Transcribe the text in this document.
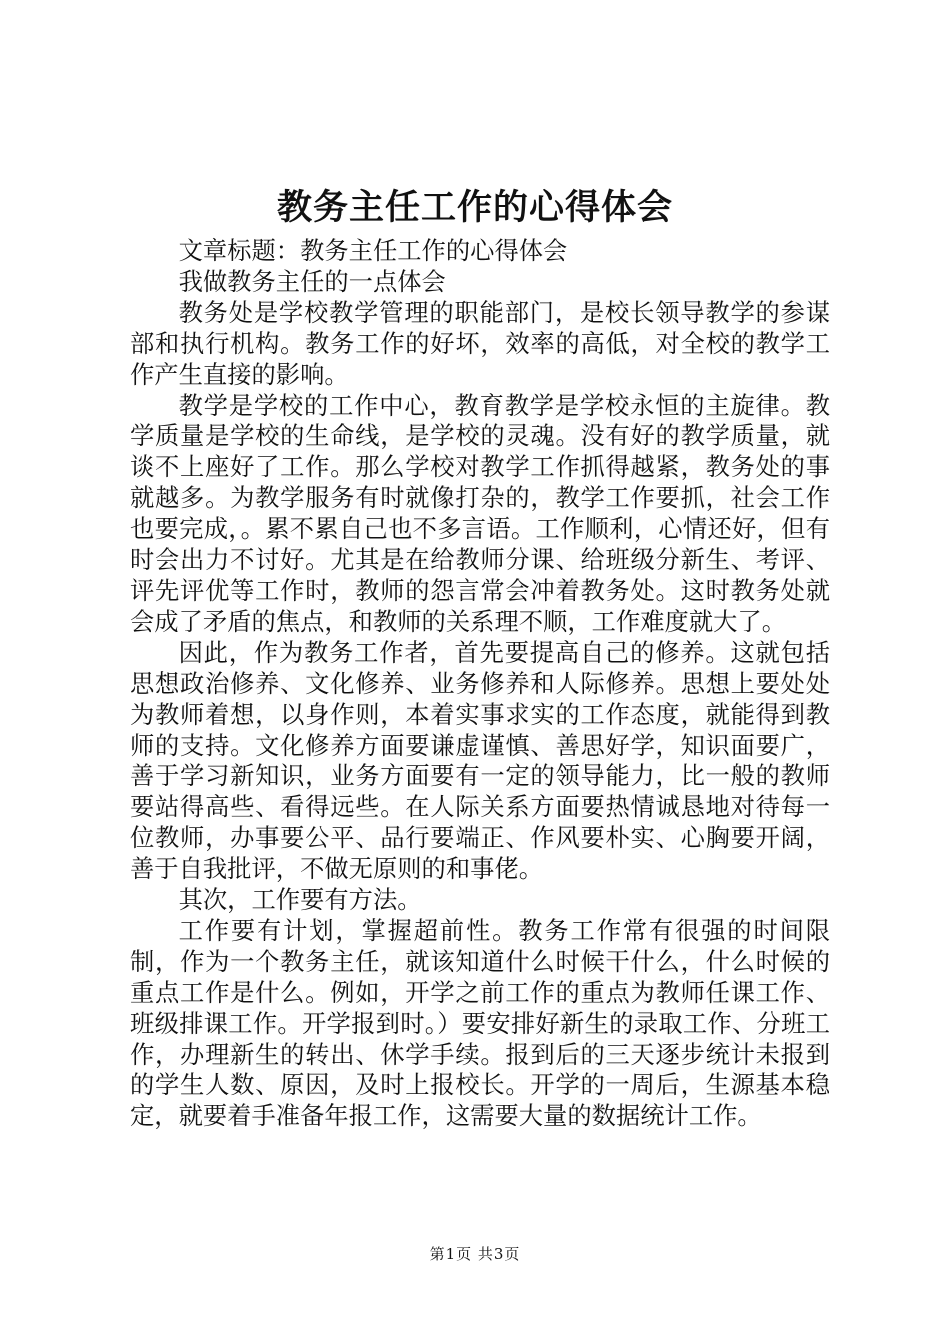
教务主任工作的心得体会

文章标题：教务主任工作的心得体会

我做教务主任的一点体会

教务处是学校教学管理的职能部门，是校长领导教学的参谋部和执行机构。教务工作的好坏，效率的高低，对全校的教学工作产生直接的影响。

教学是学校的工作中心，教育教学是学校永恒的主旋律。教学质量是学校的生命线，是学校的灵魂。没有好的教学质量，就谈不上座好了工作。那么学校对教学工作抓得越紧，教务处的事就越多。为教学服务有时就像打杂的，教学工作要抓，社会工作也要完成，。累不累自己也不多言语。工作顺利，心情还好，但有时会出力不讨好。尤其是在给教师分课、给班级分新生、考评、评先评优等工作时，教师的怨言常会冲着教务处。这时教务处就会成了矛盾的焦点，和教师的关系理不顺，工作难度就大了。

因此，作为教务工作者，首先要提高自己的修养。这就包括思想政治修养、文化修养、业务修养和人际修养。思想上要处处为教师着想，以身作则，本着实事求实的工作态度，就能得到教师的支持。文化修养方面要谦虚谨慎、善思好学，知识面要广，善于学习新知识，业务方面要有一定的领导能力，比一般的教师要站得高些、看得远些。在人际关系方面要热情诚恳地对待每一位教师，办事要公平、品行要端正、作风要朴实、心胸要开阔，善于自我批评，不做无原则的和事佬。

其次，工作要有方法。

工作要有计划，掌握超前性。教务工作常有很强的时间限制，作为一个教务主任，就该知道什么时候干什么，什么时候的重点工作是什么。例如，开学之前工作的重点为教师任课工作、班级排课工作。开学报到时。）要安排好新生的录取工作、分班工作，办理新生的转出、休学手续。报到后的三天逐步统计未报到的学生人数、原因，及时上报校长。开学的一周后，生源基本稳定，就要着手准备年报工作，这需要大量的数据统计工作。

第1页 共3页
